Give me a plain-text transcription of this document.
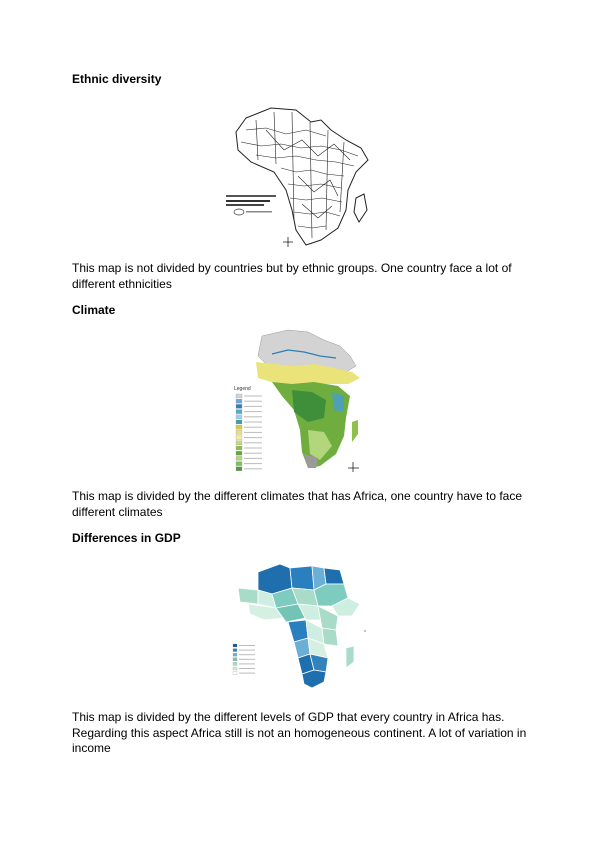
Ethnic diversity

This map is not divided by countries but by ethnic groups. One country face a lot of different ethnicities

Climate

Legend

This map is divided by the different climates that has Africa, one country have to face different climates

Differences in GDP

This map is divided by the different levels of GDP that every country in Africa has. Regarding this aspect Africa still is not an homogeneous continent. A lot of variation in income
